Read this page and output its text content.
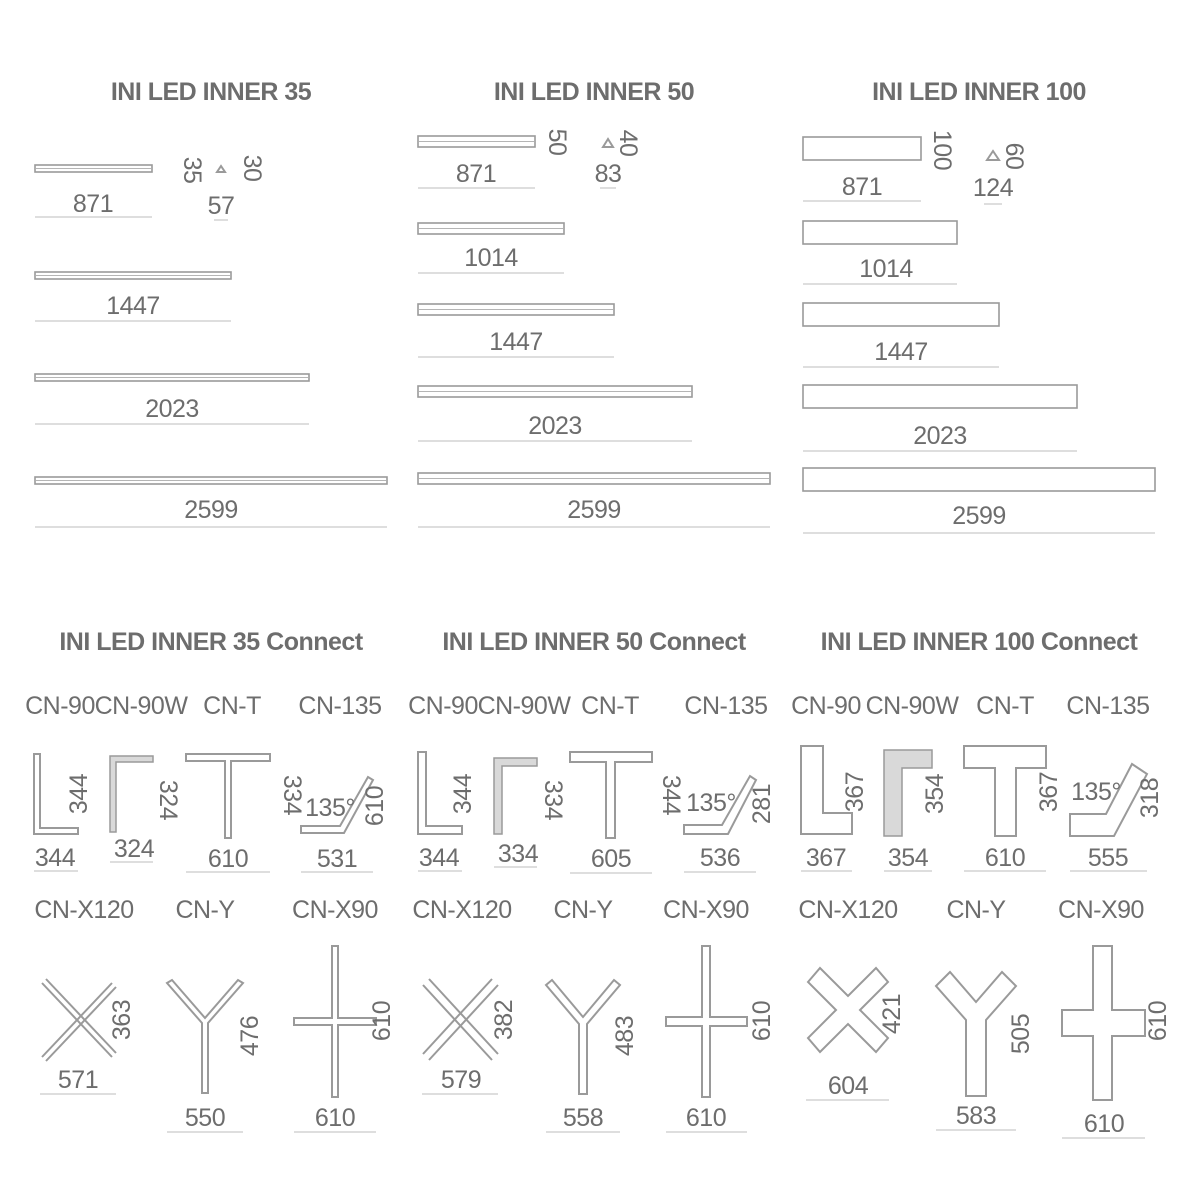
INI LED INNER 35
871
35 30
57
1447
2023
2599
INI LED INNER 50
871
50 40
83
1014
1447
2023
2599
INI LED INNER 100
871
100 60
124
1014
1447
2023
2599
INI LED INNER 35 Connect
CN-90
344
344
CN-90W
324
324
CN-T
334
610
CN-135
135° 610
531
CN-X120
363
571
CN-Y
476
550
CN-X90
610
610
INI LED INNER 50 Connect
CN-90
344
344
CN-90W
334
334
CN-T
344
605
CN-135
135° 281
536
CN-X120
382
579
CN-Y
483
558
CN-X90
610
610
INI LED INNER 100 Connect
CN-90
367
367
CN-90W
354
354
CN-T
367
610
CN-135
135° 318
555
CN-X120
421
604
CN-Y
505
583
CN-X90
610
610
